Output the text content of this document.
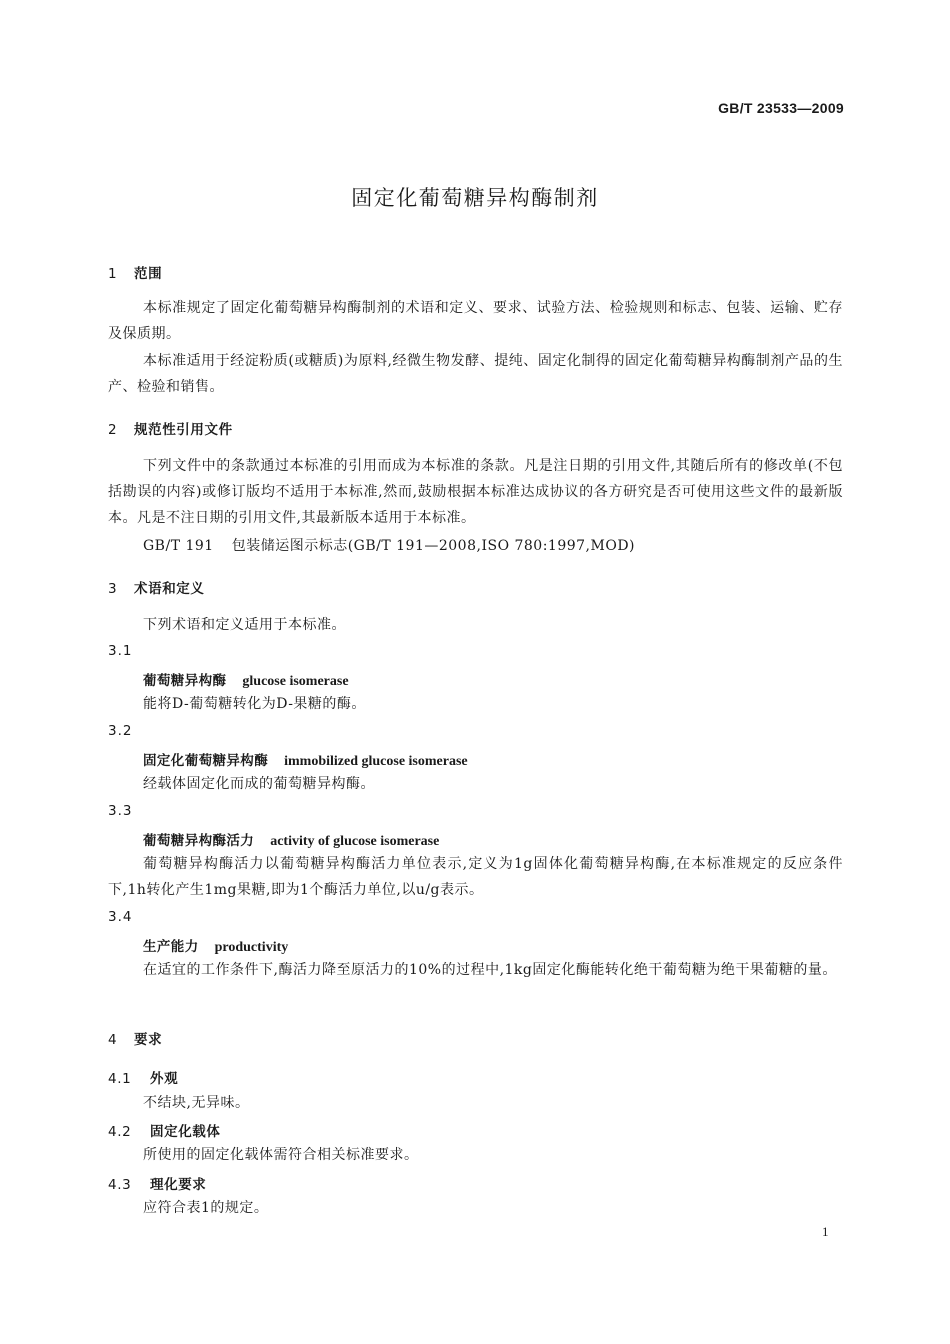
GB/T 23533—2009
固定化葡萄糖异构酶制剂
1 范围
本标准规定了固定化葡萄糖异构酶制剂的术语和定义、要求、试验方法、检验规则和标志、包装、运输、贮存及保质期。
本标准适用于经淀粉质(或糖质)为原料,经微生物发酵、提纯、固定化制得的固定化葡萄糖异构酶制剂产品的生产、检验和销售。
2 规范性引用文件
下列文件中的条款通过本标准的引用而成为本标准的条款。凡是注日期的引用文件,其随后所有的修改单(不包括勘误的内容)或修订版均不适用于本标准,然而,鼓励根据本标准达成协议的各方研究是否可使用这些文件的最新版本。凡是不注日期的引用文件,其最新版本适用于本标准。
GB/T 191 包装储运图示标志(GB/T 191—2008,ISO 780:1997,MOD)
3 术语和定义
下列术语和定义适用于本标准。
3.1
葡萄糖异构酶 glucose isomerase
能将D-葡萄糖转化为D-果糖的酶。
3.2
固定化葡萄糖异构酶 immobilized glucose isomerase
经载体固定化而成的葡萄糖异构酶。
3.3
葡萄糖异构酶活力 activity of glucose isomerase
葡萄糖异构酶活力以葡萄糖异构酶活力单位表示,定义为1g固体化葡萄糖异构酶,在本标准规定的反应条件下,1h转化产生1mg果糖,即为1个酶活力单位,以u/g表示。
3.4
生产能力 productivity
在适宜的工作条件下,酶活力降至原活力的10%的过程中,1kg固定化酶能转化绝干葡萄糖为绝干果葡糖的量。
4 要求
4.1 外观
不结块,无异味。
4.2 固定化载体
所使用的固定化载体需符合相关标准要求。
4.3 理化要求
应符合表1的规定。
1
